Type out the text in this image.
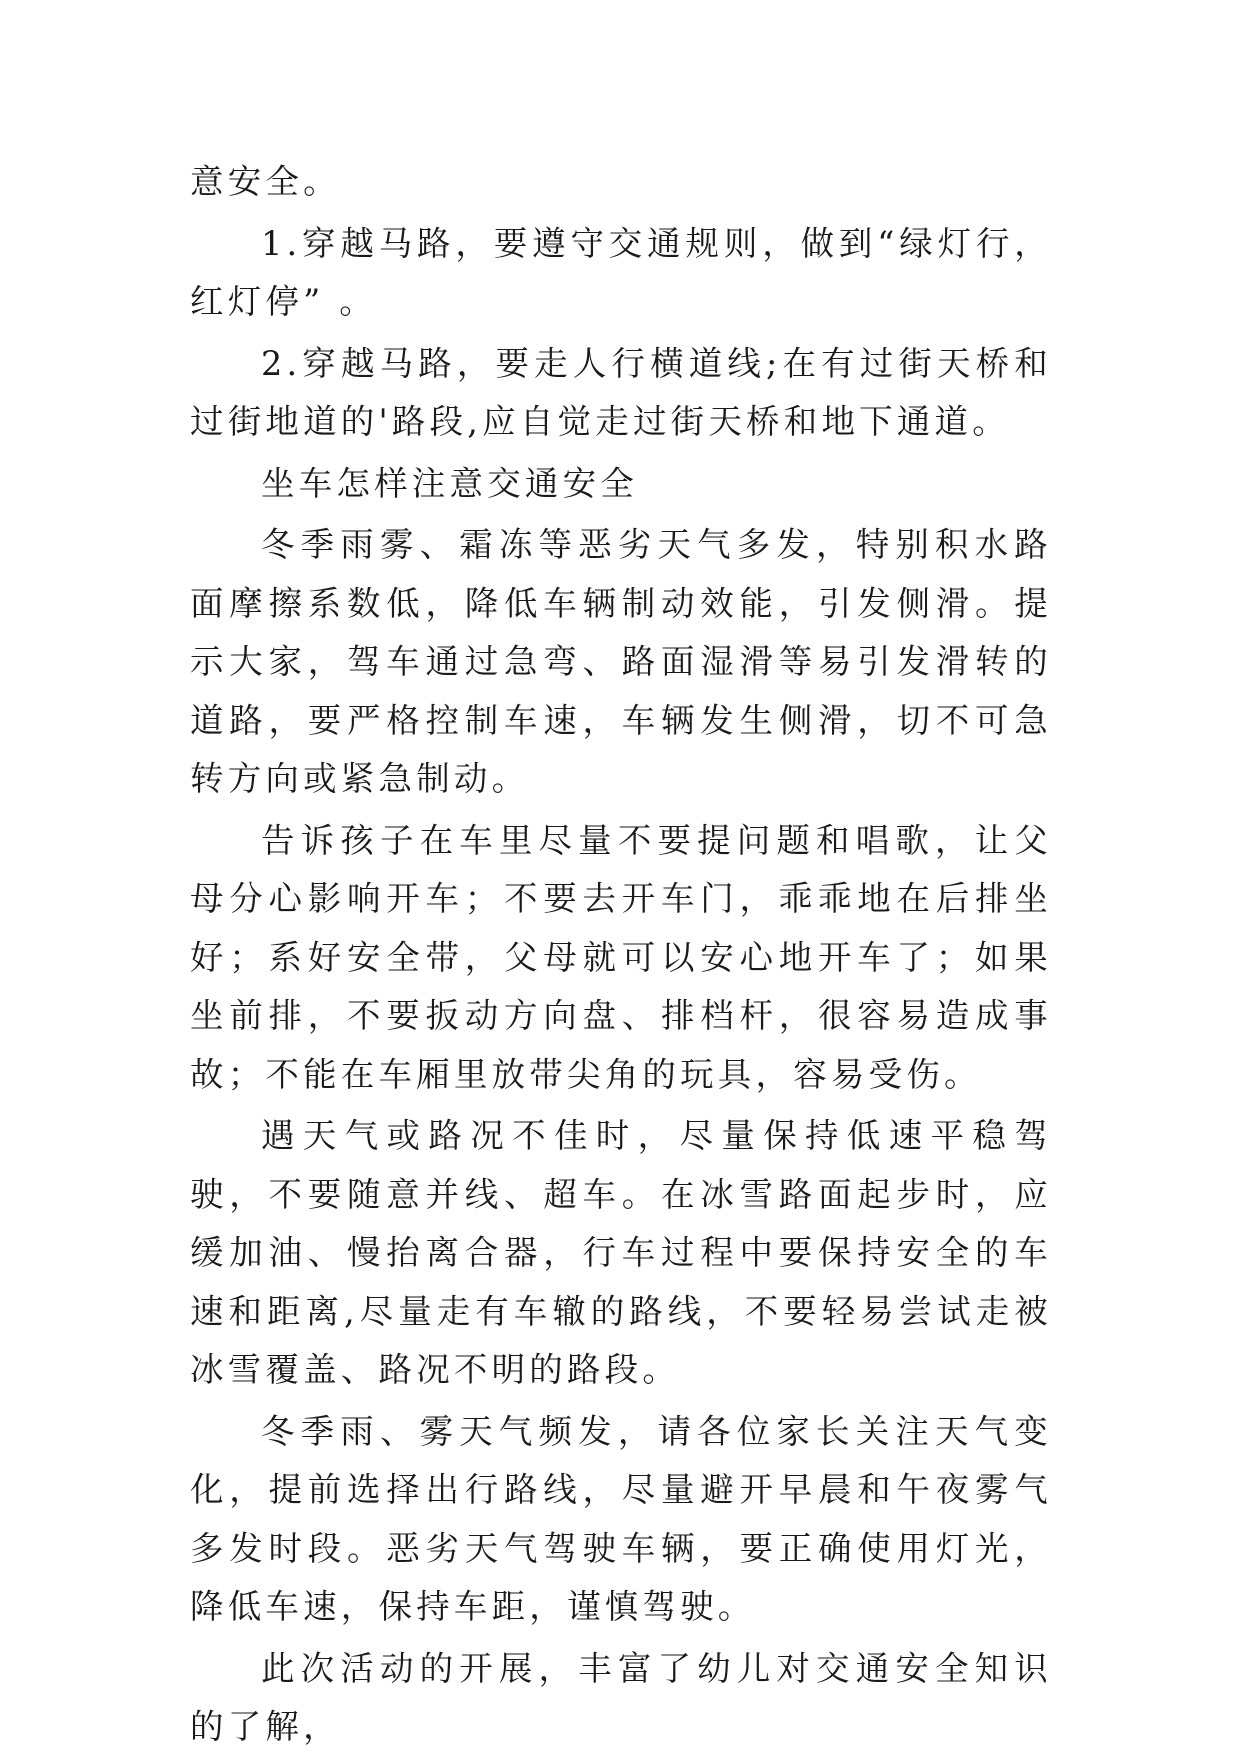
意安全。

1.穿越马路，要遵守交通规则，做到“绿灯行，红灯停” 。

2.穿越马路，要走人行横道线;在有过街天桥和过街地道的'路段,应自觉走过街天桥和地下通道。

坐车怎样注意交通安全

冬季雨雾、霜冻等恶劣天气多发，特别积水路面摩擦系数低，降低车辆制动效能，引发侧滑。提示大家，驾车通过急弯、路面湿滑等易引发滑转的道路，要严格控制车速，车辆发生侧滑，切不可急转方向或紧急制动。

告诉孩子在车里尽量不要提问题和唱歌，让父母分心影响开车；不要去开车门，乖乖地在后排坐好；系好安全带，父母就可以安心地开车了；如果坐前排，不要扳动方向盘、排档杆，很容易造成事故；不能在车厢里放带尖角的玩具，容易受伤。

遇天气或路况不佳时，尽量保持低速平稳驾驶，不要随意并线、超车。在冰雪路面起步时，应缓加油、慢抬离合器，行车过程中要保持安全的车速和距离,尽量走有车辙的路线，不要轻易尝试走被冰雪覆盖、路况不明的路段。

冬季雨、雾天气频发，请各位家长关注天气变化，提前选择出行路线，尽量避开早晨和午夜雾气多发时段。恶劣天气驾驶车辆，要正确使用灯光，降低车速，保持车距，谨慎驾驶。

此次活动的开展，丰富了幼儿对交通安全知识的了解，
